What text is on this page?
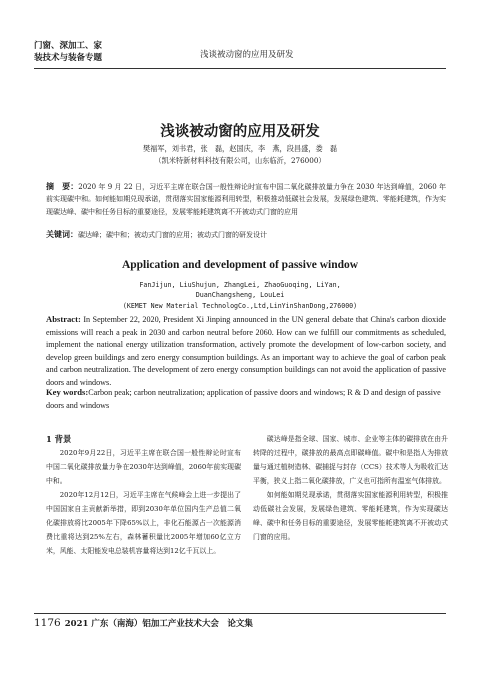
门窗、深加工、家
装技术与装备专题	浅谈被动窗的应用及研发
浅谈被动窗的应用及研发
樊福军，刘书君，张　磊，赵国庆，李　燕，段昌盛，娄　磊
（凯米特新材料科技有限公司，山东临沂，276000）
摘　要：2020 年 9 月 22 日，习近平主席在联合国一般性辩论时宣布中国二氧化碳排放量力争在 2030 年达到峰值，2060 年前实现碳中和。如何能如期兑现承诺，贯彻落实国家能源利用转型，积极推动低碳社会发展，发展绿色建筑、零能耗建筑，作为实现碳达峰、碳中和任务目标的重要途径，发展零能耗建筑离不开被动式门窗的应用
关键词：碳达峰；碳中和；被动式门窗的应用；被动式门窗的研发设计
Application and development of passive window
FanJijun, LiuShujun, ZhangLei, ZhaoGuoqing, LiYan,
DuanChangsheng, LouLei
(KEMET New Material TechnologCo.,Ltd,LinYinShanDong,276000)
Abstract: In September 22, 2020, President Xi Jinping announced in the UN general debate that China's carbon dioxide emissions will reach a peak in 2030 and carbon neutral before 2060. How can we fulfill our commitments as scheduled, implement the national energy utilization transformation, actively promote the development of low-carbon society, and develop green buildings and zero energy consumption buildings. As an important way to achieve the goal of carbon peak and carbon neutralization. The development of zero energy consumption buildings can not avoid the application of passive doors and windows.
Key words:Carbon peak; carbon neutralization; application of passive doors and windows; R & D and design of passive doors and windows
1 背景

2020年9月22日，习近平主席在联合国一般性辩论时宣布中国二氧化碳排放量力争在2030年达到峰值，2060年前实现碳中和。

2020年12月12日，习近平主席在气候峰会上进一步提出了中国国家自主贡献新举措，即到2030年单位国内生产总值二氧化碳排放将比2005年下降65%以上，非化石能源占一次能源消费比重将达到25%左右，森林蓄积量比2005年增加60亿立方米，风能、太阳能发电总装机容量将达到12亿千瓦以上。

碳达峰是指全球、国家、城市、企业等主体的碳排放在由升转降的过程中，碳排放的最高点即碳峰值。碳中和是指人为排放量与通过植树造林、碳捕捉与封存（CCS）技术等人为吸收汇达平衡，狭义上指二氧化碳排放，广义也可指所有温室气体排放。

如何能如期兑现承诺，贯彻落实国家能源利用转型，积极推动低碳社会发展，发展绿色建筑、零能耗建筑，作为实现碳达峰、碳中和任务目标的重要途径，发展零能耗建筑离不开被动式门窗的应用。

1176 2021 广东（南海）铝加工产业技术大会　论文集
